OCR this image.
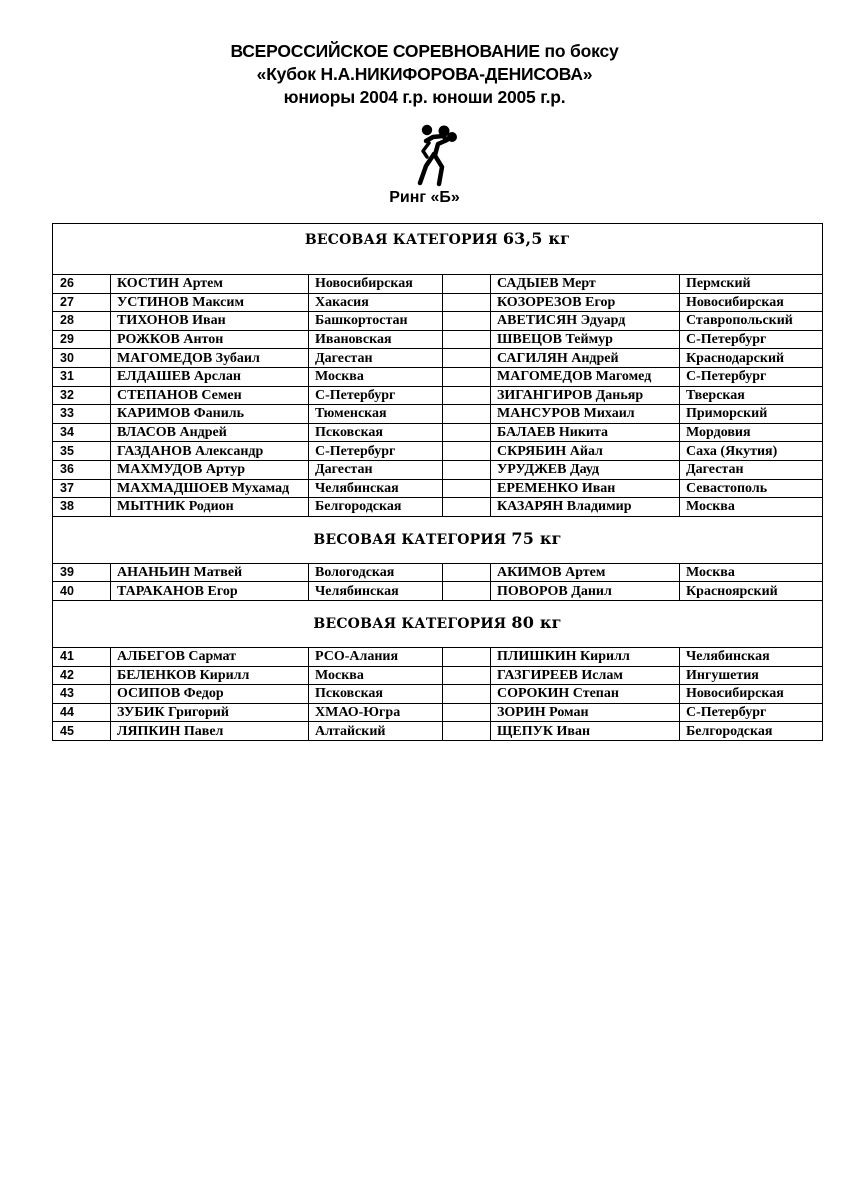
ВСЕРОССИЙСКОЕ СОРЕВНОВАНИЕ по боксу
«Кубок Н.А.НИКИФОРОВА-ДЕНИСОВА»
юниоры 2004 г.р. юноши 2005 г.р.
Ринг «Б»
ВЕСОВАЯ КАТЕГОРИЯ 63,5 кг					
26	КОСТИН Артем	Новосибирская		САДЫЕВ Мерт	Пермский
27	УСТИНОВ Максим	Хакасия		КОЗОРЕЗОВ Егор	Новосибирская
28	ТИХОНОВ Иван	Башкортостан		АВЕТИСЯН Эдуард	Ставропольский
29	РОЖКОВ Антон	Ивановская		ШВЕЦОВ Теймур	С-Петербург
30	МАГОМЕДОВ Зубаил	Дагестан		САГИЛЯН Андрей	Краснодарский
31	ЕЛДАШЕВ Арслан	Москва		МАГОМЕДОВ Магомед	С-Петербург
32	СТЕПАНОВ Семен	С-Петербург		ЗИГАНГИРОВ Даньяр	Тверская
33	КАРИМОВ Фаниль	Тюменская		МАНСУРОВ Михаил	Приморский
34	ВЛАСОВ Андрей	Псковская		БАЛАЕВ Никита	Мордовия
35	ГАЗДАНОВ Александр	С-Петербург		СКРЯБИН Айал	Саха (Якутия)
36	МАХМУДОВ Артур	Дагестан		УРУДЖЕВ Дауд	Дагестан
37	МАХМАДШОЕВ Мухамад	Челябинская		ЕРЕМЕНКО Иван	Севастополь
38	МЫТНИК Родион	Белгородская		КАЗАРЯН Владимир	Москва
ВЕСОВАЯ КАТЕГОРИЯ 75 кг					
39	АНАНЬИН Матвей	Вологодская		АКИМОВ Артем	Москва
40	ТАРАКАНОВ Егор	Челябинская		ПОВОРОВ Данил	Красноярский
ВЕСОВАЯ КАТЕГОРИЯ 80 кг					
41	АЛБЕГОВ Сармат	РСО-Алания		ПЛИШКИН Кирилл	Челябинская
42	БЕЛЕНКОВ Кирилл	Москва		ГАЗГИРЕЕВ Ислам	Ингушетия
43	ОСИПОВ Федор	Псковская		СОРОКИН Степан	Новосибирская
44	ЗУБИК Григорий	ХМАО-Югра		ЗОРИН Роман	С-Петербург
45	ЛЯПКИН Павел	Алтайский		ЩЕПУК Иван	Белгородская
